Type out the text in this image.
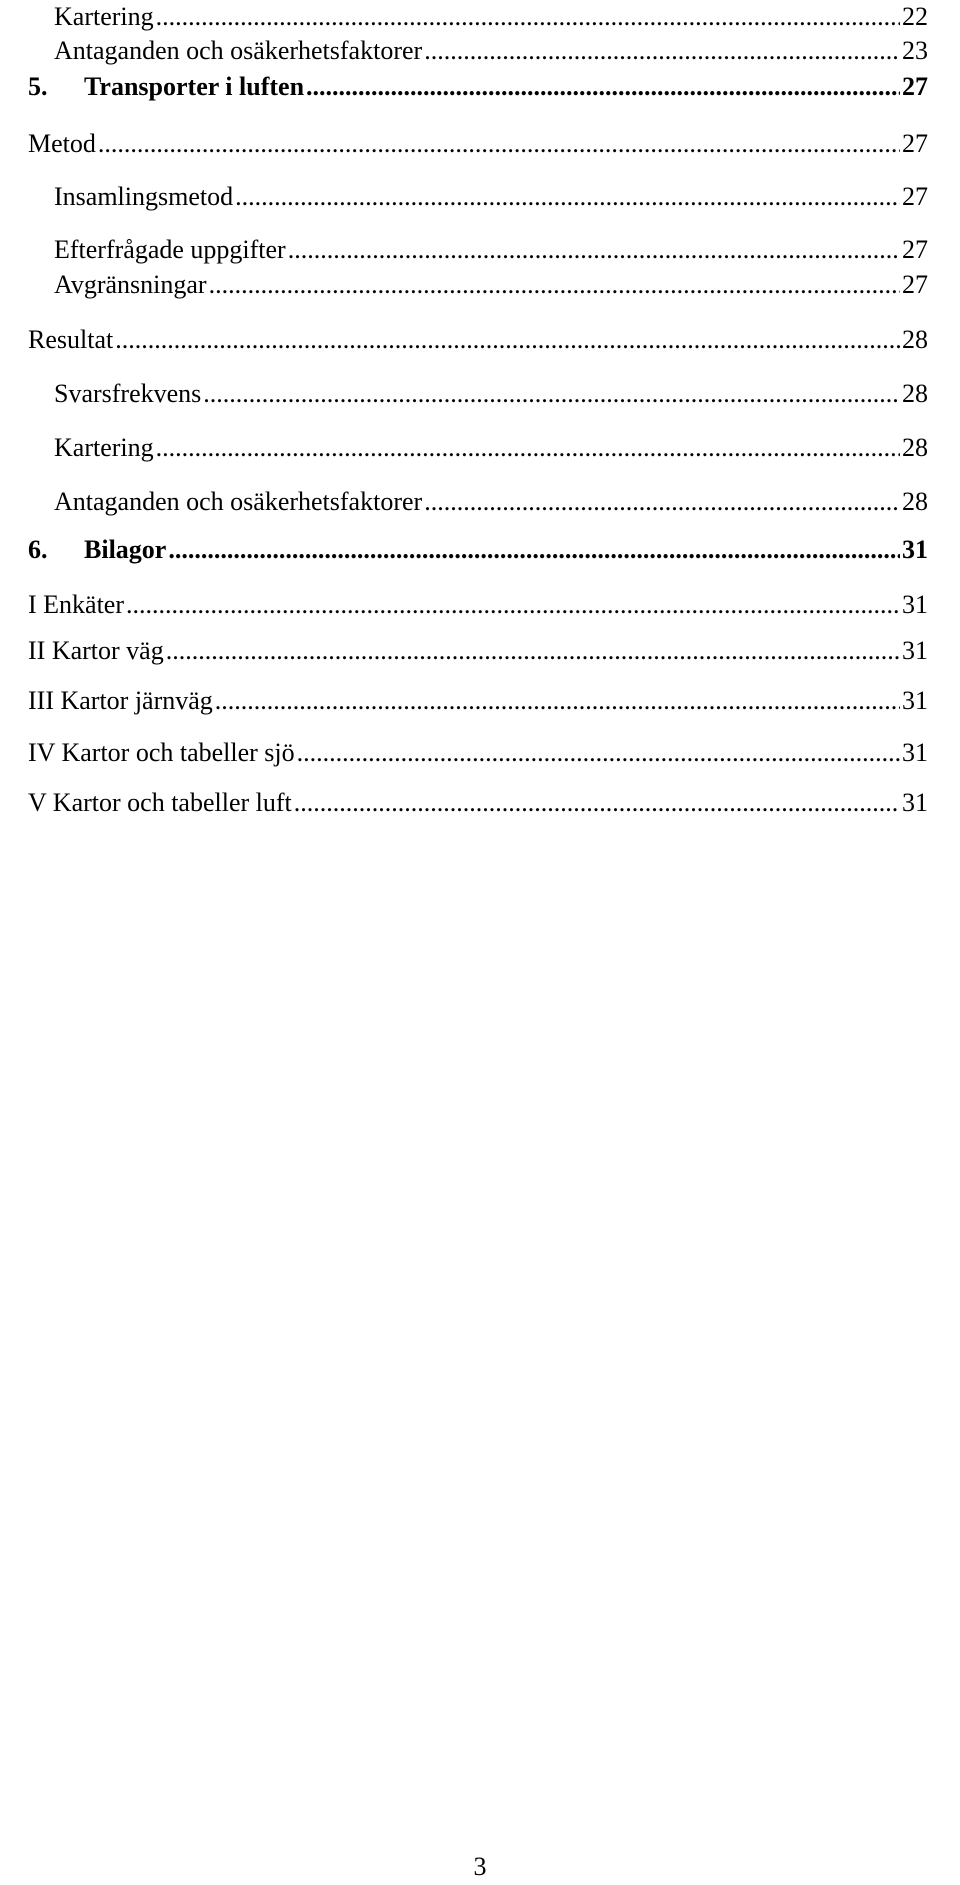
Kartering .....	22
Antaganden och osäkerhetsfaktorer .....	23
5.	Transporter i luften .....	27
Metod .....	27
Insamlingsmetod .....	27
Efterfrågade uppgifter .....	27
Avgränsningar .....	27
Resultat .....	28
Svarsfrekvens .....	28
Kartering .....	28
Antaganden och osäkerhetsfaktorer .....	28
6.	Bilagor .....	31
I Enkäter .....	31
II Kartor väg .....	31
III Kartor järnväg .....	31
IV Kartor och tabeller sjö .....	31
V Kartor och tabeller luft .....	31
3
